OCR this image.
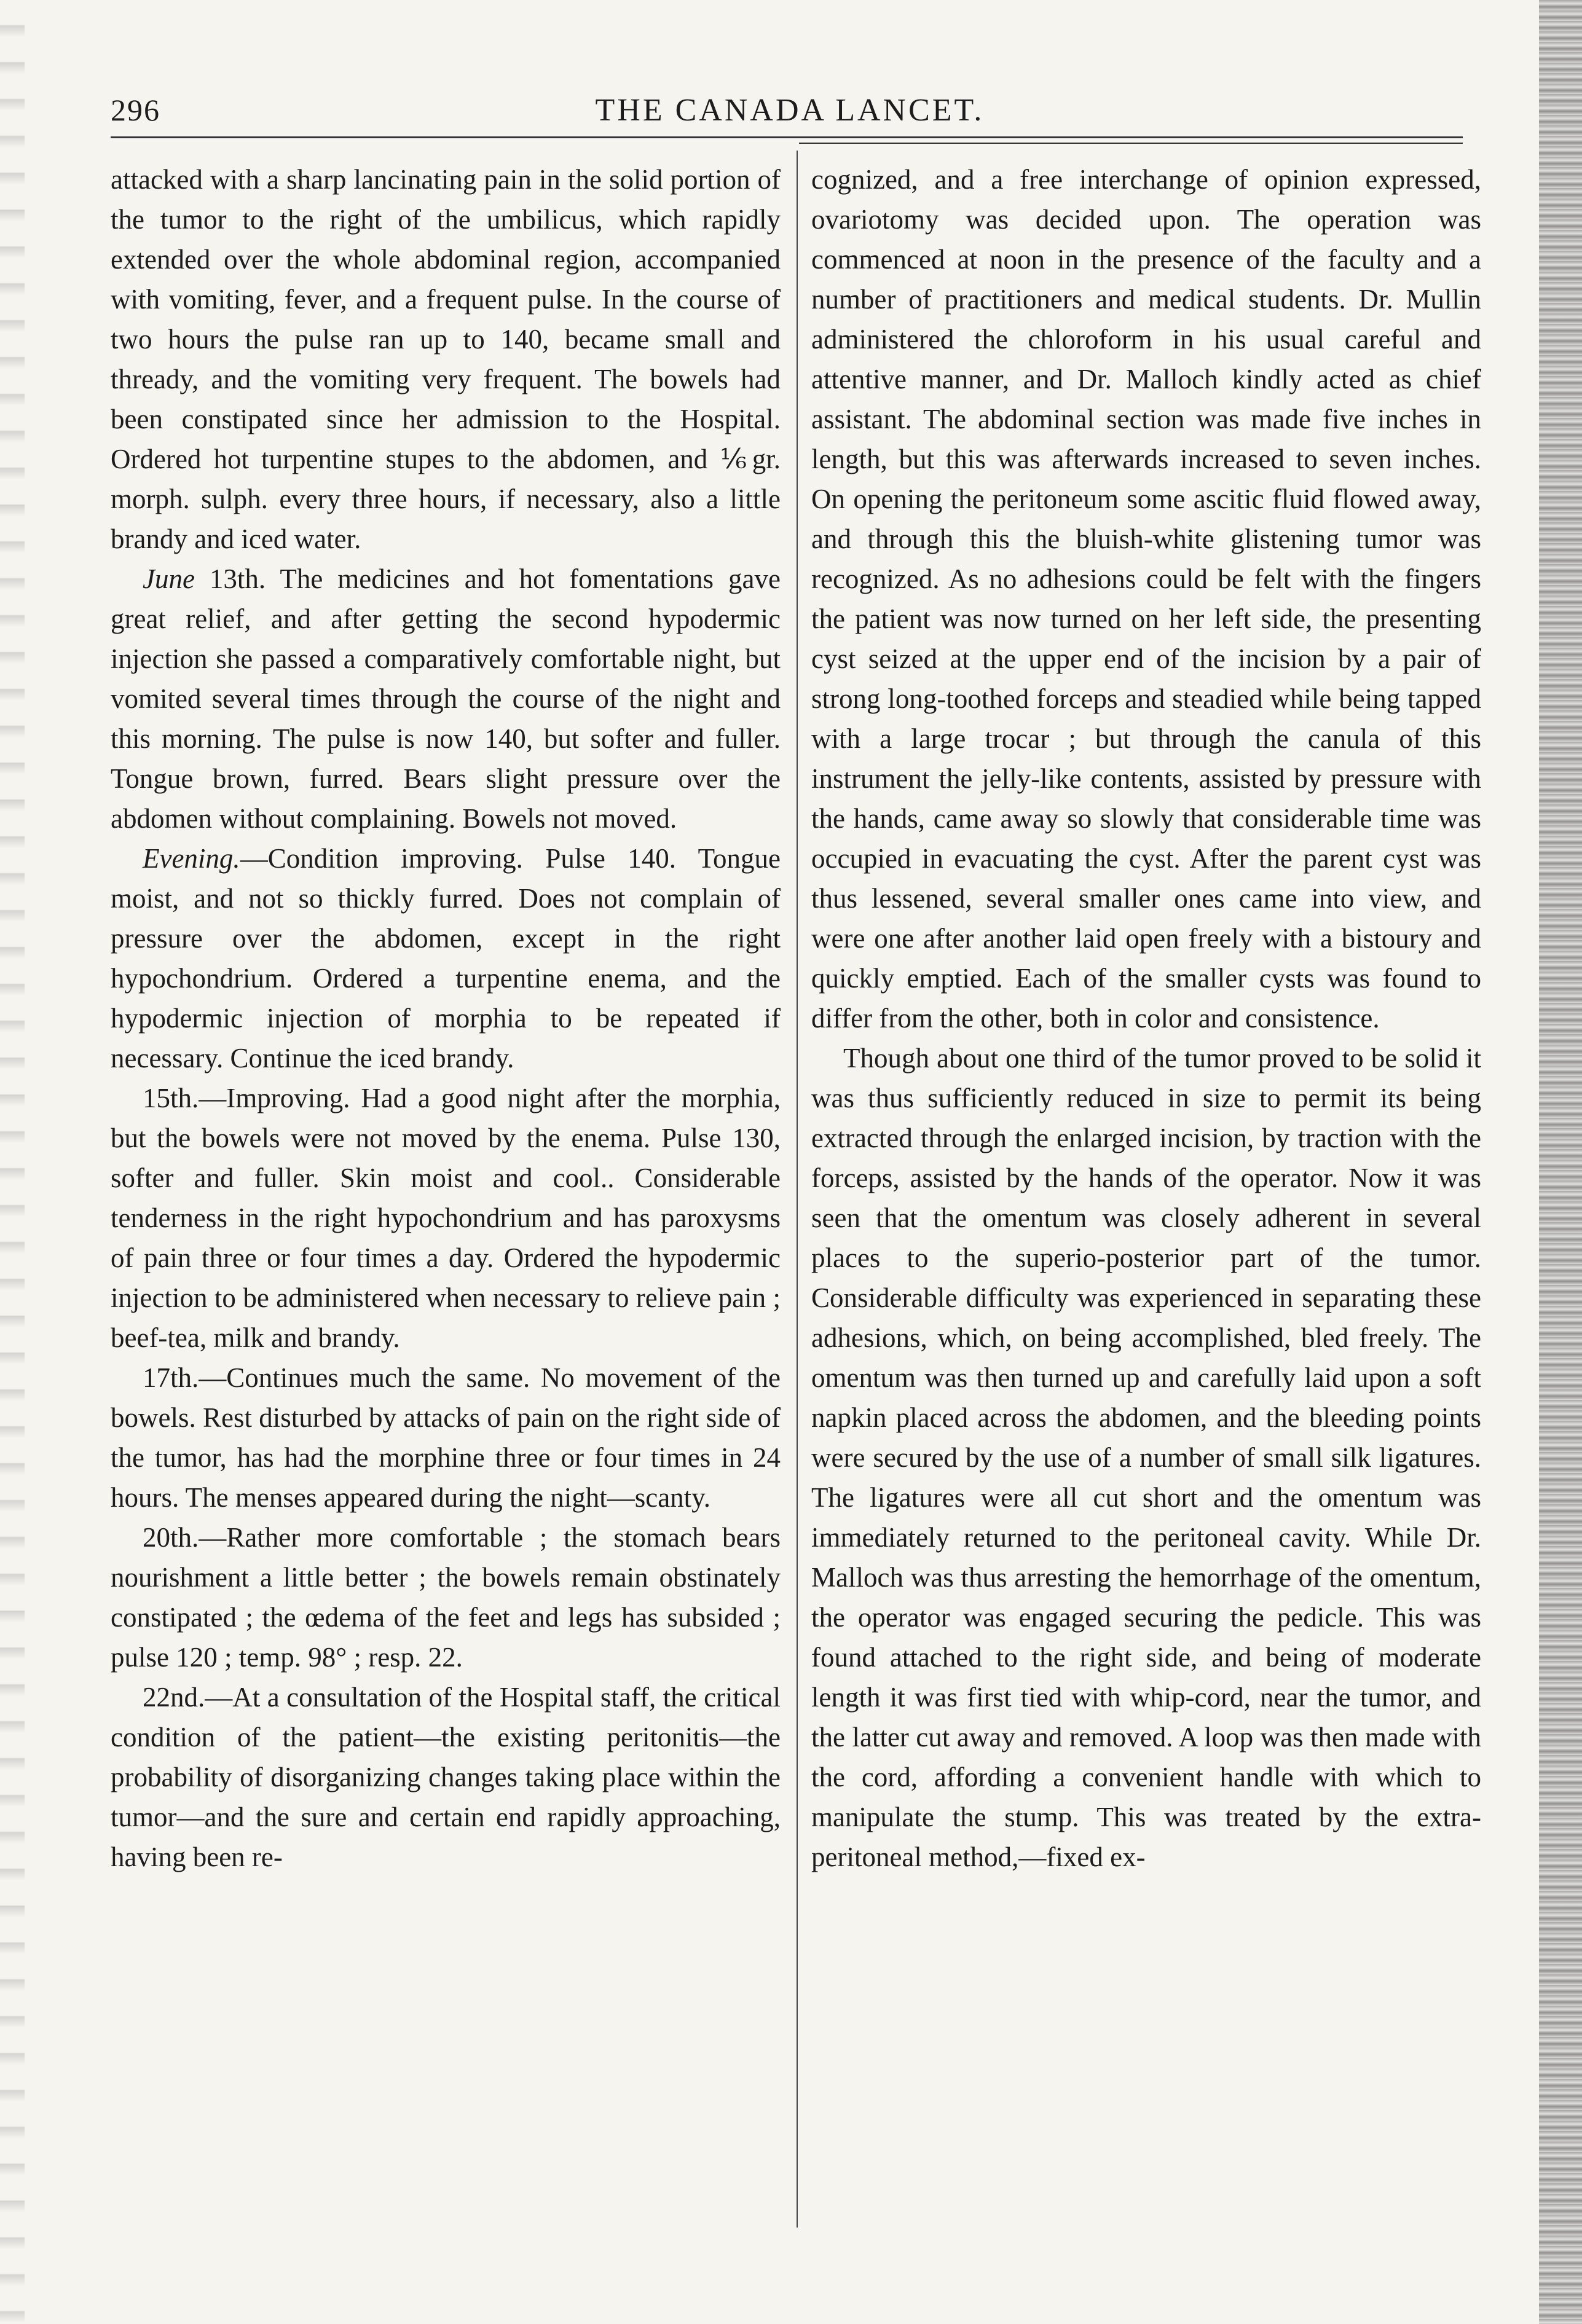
296	THE CANADA LANCET.

attacked with a sharp lancinating pain in the solid portion of the tumor to the right of the umbilicus, which rapidly extended over the whole abdominal region, accompanied with vomiting, fever, and a frequent pulse. In the course of two hours the pulse ran up to 140, became small and thready, and the vomiting very frequent. The bowels had been constipated since her admission to the Hospital. Ordered hot turpentine stupes to the abdomen, and ⅙gr. morph. sulph. every three hours, if necessary, also a little brandy and iced water.

June 13th. The medicines and hot fomentations gave great relief, and after getting the second hypodermic injection she passed a comparatively comfortable night, but vomited several times through the course of the night and this morning. The pulse is now 140, but softer and fuller. Tongue brown, furred. Bears slight pressure over the abdomen without complaining. Bowels not moved.

Evening.—Condition improving. Pulse 140. Tongue moist, and not so thickly furred. Does not complain of pressure over the abdomen, except in the right hypochondrium. Ordered a turpentine enema, and the hypodermic injection of morphia to be repeated if necessary. Continue the iced brandy.

15th.—Improving. Had a good night after the morphia, but the bowels were not moved by the enema. Pulse 130, softer and fuller. Skin moist and cool.. Considerable tenderness in the right hypochondrium and has paroxysms of pain three or four times a day. Ordered the hypodermic injection to be administered when necessary to relieve pain ; beef-tea, milk and brandy.

17th.—Continues much the same. No movement of the bowels. Rest disturbed by attacks of pain on the right side of the tumor, has had the morphine three or four times in 24 hours. The menses appeared during the night—scanty.

20th.—Rather more comfortable ; the stomach bears nourishment a little better ; the bowels remain obstinately constipated ; the œdema of the feet and legs has subsided ; pulse 120 ; temp. 98° ; resp. 22.

22nd.—At a consultation of the Hospital staff, the critical condition of the patient—the existing peritonitis—the probability of disorganizing changes taking place within the tumor—and the sure and certain end rapidly approaching, having been re-

cognized, and a free interchange of opinion expressed, ovariotomy was decided upon. The operation was commenced at noon in the presence of the faculty and a number of practitioners and medical students. Dr. Mullin administered the chloroform in his usual careful and attentive manner, and Dr. Malloch kindly acted as chief assistant. The abdominal section was made five inches in length, but this was afterwards increased to seven inches. On opening the peritoneum some ascitic fluid flowed away, and through this the bluish-white glistening tumor was recognized. As no adhesions could be felt with the fingers the patient was now turned on her left side, the presenting cyst seized at the upper end of the incision by a pair of strong long-toothed forceps and steadied while being tapped with a large trocar ; but through the canula of this instrument the jelly-like contents, assisted by pressure with the hands, came away so slowly that considerable time was occupied in evacuating the cyst. After the parent cyst was thus lessened, several smaller ones came into view, and were one after another laid open freely with a bistoury and quickly emptied. Each of the smaller cysts was found to differ from the other, both in color and consistence.

Though about one third of the tumor proved to be solid it was thus sufficiently reduced in size to permit its being extracted through the enlarged incision, by traction with the forceps, assisted by the hands of the operator. Now it was seen that the omentum was closely adherent in several places to the superio-posterior part of the tumor. Considerable difficulty was experienced in separating these adhesions, which, on being accomplished, bled freely. The omentum was then turned up and carefully laid upon a soft napkin placed across the abdomen, and the bleeding points were secured by the use of a number of small silk ligatures. The ligatures were all cut short and the omentum was immediately returned to the peritoneal cavity. While Dr. Malloch was thus arresting the hemorrhage of the omentum, the operator was engaged securing the pedicle. This was found attached to the right side, and being of moderate length it was first tied with whip-cord, near the tumor, and the latter cut away and removed. A loop was then made with the cord, affording a convenient handle with which to manipulate the stump. This was treated by the extra-peritoneal method,—fixed ex-
